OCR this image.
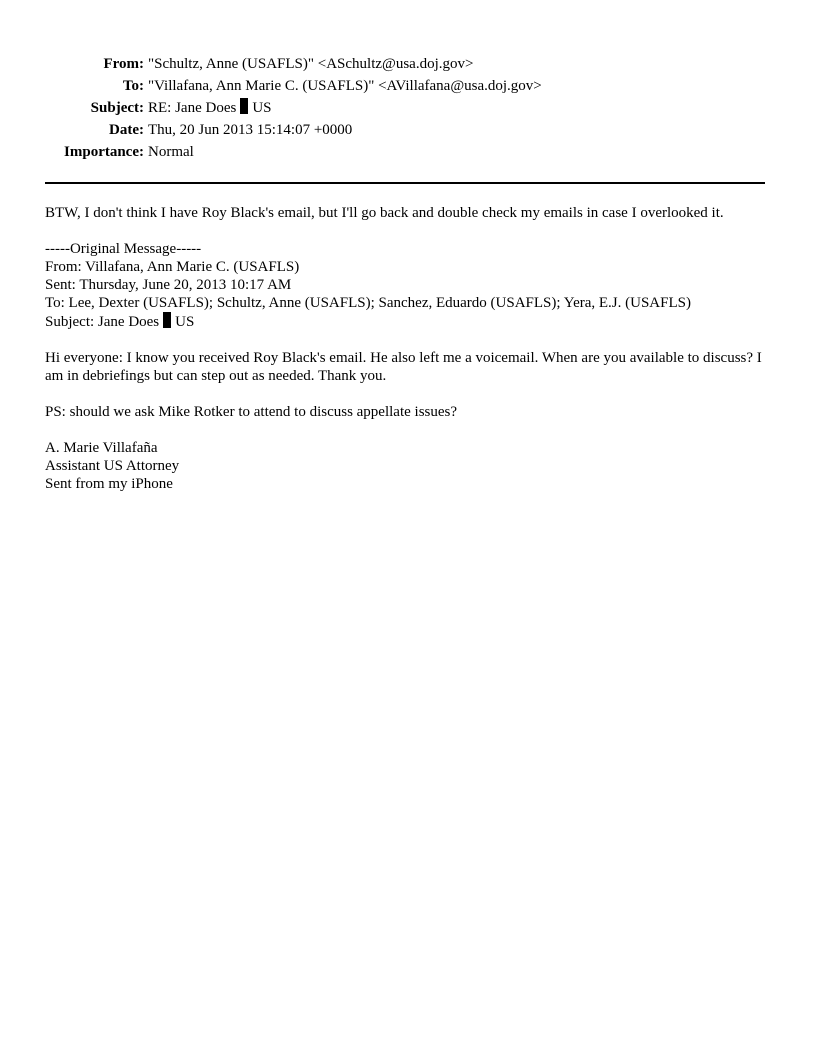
From: "Schultz, Anne (USAFLS)" <ASchultz@usa.doj.gov>
To: "Villafana, Ann Marie C. (USAFLS)" <AVillafana@usa.doj.gov>
Subject: RE: Jane Does US
Date: Thu, 20 Jun 2013 15:14:07 +0000
Importance: Normal
BTW, I don't think I have Roy Black's email, but I'll go back and double check my emails in case I overlooked it.
-----Original Message-----
From: Villafana, Ann Marie C. (USAFLS)
Sent: Thursday, June 20, 2013 10:17 AM
To: Lee, Dexter (USAFLS); Schultz, Anne (USAFLS); Sanchez, Eduardo (USAFLS); Yera, E.J. (USAFLS)
Subject: Jane Does US
Hi everyone: I know you received Roy Black's email. He also left me a voicemail. When are you available to discuss? I am in debriefings but can step out as needed. Thank you.
PS: should we ask Mike Rotker to attend to discuss appellate issues?
A. Marie Villafaña
Assistant US Attorney
Sent from my iPhone
